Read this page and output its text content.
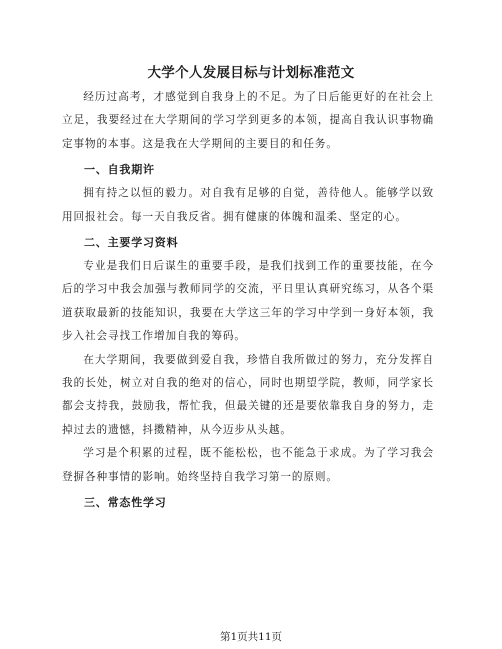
大学个人发展目标与计划标准范文

经历过高考，才感觉到自我身上的不足。为了日后能更好的在社会上立足，我要经过在大学期间的学习学到更多的本领，提高自我认识事物确定事物的本事。这是我在大学期间的主要目的和任务。

一、自我期许

拥有持之以恒的毅力。对自我有足够的自觉，善待他人。能够学以致用回报社会。每一天自我反省。拥有健康的体魄和温柔、坚定的心。

二、主要学习资料

专业是我们日后谋生的重要手段，是我们找到工作的重要技能，在今后的学习中我会加强与教师同学的交流，平日里认真研究练习，从各个渠道获取最新的技能知识，我要在大学这三年的学习中学到一身好本领，我步入社会寻找工作增加自我的筹码。

在大学期间，我要做到爱自我，珍惜自我所做过的努力，充分发挥自我的长处，树立对自我的绝对的信心，同时也期望学院，教师，同学家长都会支持我，鼓励我，帮忙我，但最关键的还是要依靠我自身的努力，走掉过去的遗憾，抖擞精神，从今迈步从头越。

学习是个积累的过程，既不能松松，也不能急于求成。为了学习我会登摒各种事情的影响。始终坚持自我学习第一的原则。

三、常态性学习
第1页共11页
